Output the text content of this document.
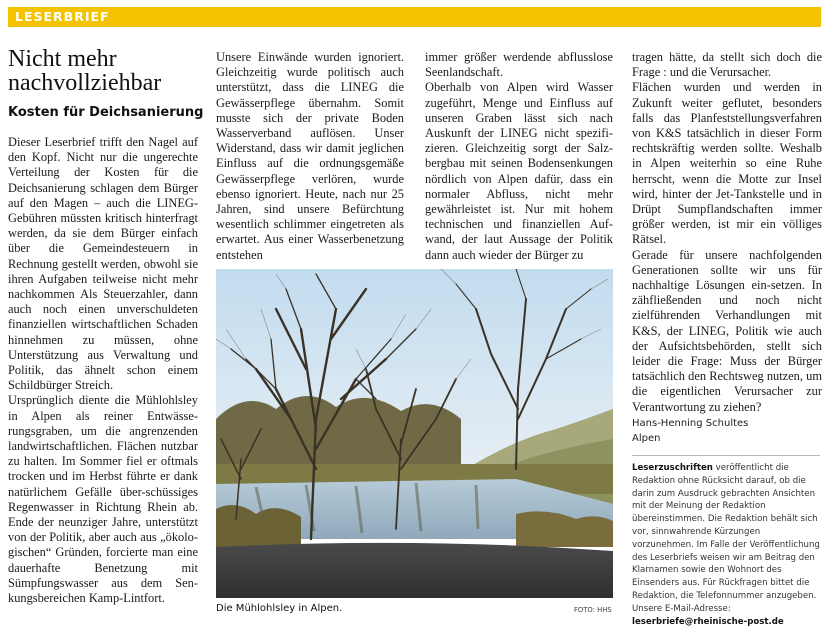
LESERBRIEF
Nicht mehr nachvollziehbar
Kosten für Deichsanierung

Dieser Leserbrief trifft den Nagel auf den Kopf. Nicht nur die ungerechte Verteilung der Kosten für die Deichsanierung schlagen dem Bürger auf den Magen – auch die LINEG-Gebühren müssten kritisch hinterfragt werden, da sie dem Bürger einfach über die Gemeindesteuern in Rechnung gestellt werden, obwohl sie ihren Aufgaben teilweise nicht mehr nachkommen Als Steuerzahler, dann auch noch einen unverschuldeten finanziellen wirtschaftlichen Schaden hinnehmen zu müssen, ohne Unterstützung aus Verwaltung und Politik, das ähnelt schon einem Schildbürger Streich.

Ursprünglich diente die Mühlohlsley in Alpen als reiner Entwässerungsgraben, um die angrenzenden landwirtschaftlichen. Flächen nutzbar zu halten. Im Sommer fiel er oftmals trocken und im Herbst führte er dank natürlichem Gefälle über-schüssiges Regenwasser in Richtung Rhein ab. Ende der neunziger Jahre, unterstützt von der Politik, aber auch aus „ökologischen“ Gründen, forcierte man eine dauerhafte Benetzung mit Sümpfungswasser aus dem Senkungsbereichen Kamp-Lintfort.

Unsere Einwände wurden ignoriert. Gleichzeitig wurde politisch auch unterstützt, dass die LINEG die Gewässerpflege übernahm. Somit musste sich der private Boden Wasserverband auflösen. Unser Widerstand, dass wir damit jeglichen Einfluss auf die ordnungsgemäße Gewässerpflege verlören, wurde ebenso ignoriert. Heute, nach nur 25 Jahren, sind unsere Befürchtung wesentlich schlimmer eingetreten als erwartet. Aus einer Wasserbenetzung entstehen

immer größer werdende abflusslose Seenlandschaft.

Oberhalb von Alpen wird Wasser zugeführt, Menge und Einfluss auf unseren Graben lässt sich nach Auskunft der LINEG nicht spezifizieren. Gleichzeitig sorgt der Salzbergbau mit seinen Bodensenkungen nördlich von Alpen dafür, dass ein normaler Abfluss, nicht mehr gewährleistet ist. Nur mit hohem technischen und finanziellen Aufwand, der laut Aussage der Politik dann auch wieder der Bürger zu

tragen hätte, da stellt sich doch die Frage : und die Verursacher.

Flächen wurden und werden in Zukunft weiter geflutet, besonders falls das Planfeststellungsverfahren von K&S tatsächlich in dieser Form rechtskräftig werden sollte. Weshalb in Alpen weiterhin so eine Ruhe herrscht, wenn die Motte zur Insel wird, hinter der Jet-Tankstelle und in Drüpt Sumpflandschaften immer größer werden, ist mir ein völliges Rätsel.

Gerade für unsere nachfolgenden Generationen sollte wir uns für nachhaltige Lösungen ein-setzen. In zähfließenden und noch nicht zielführenden Verhandlungen mit K&S, der LINEG, Politik wie auch der Aufsichtsbehörden, stellt sich leider die Frage: Muss der Bürger tatsächlich den Rechtsweg nutzen, um die eigentlichen Verursacher zur Verantwortung zu ziehen?

Hans-Henning Schultes
Alpen
Leserzuschriften veröffentlicht die Redaktion ohne Rücksicht darauf, ob die darin zum Ausdruck gebrachten Ansichten mit der Meinung der Redaktion übereinstimmen. Die Redaktion behält sich vor, sinnwahrende Kürzungen vorzunehmen. Im Falle der Veröffentlichung des Leserbriefs weisen wir am Beitrag den Klarnamen sowie den Wohnort des Einsenders aus. Für Rückfragen bittet die Redaktion, die Telefonnummer anzugeben. Unsere E-Mail-Adresse:
leserbriefe@rheinische-post.de
Die Mühlohlsley in Alpen.	FOTO: HHS
